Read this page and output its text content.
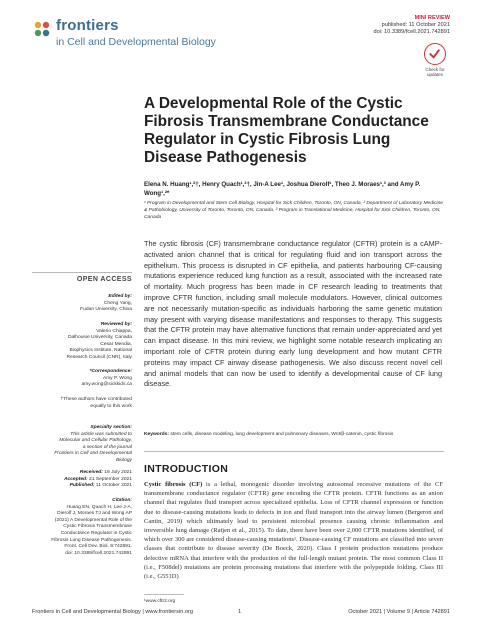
frontiers
in Cell and Developmental Biology
MINI REVIEW
published: 11 October 2021
doi: 10.3389/fcell.2021.742891
Check for updates
A Developmental Role of the Cystic Fibrosis Transmembrane Conductance Regulator in Cystic Fibrosis Lung Disease Pathogenesis
Elena N. Huang¹,²†, Henry Quach¹,²†, Jin-A Lee¹, Joshua Dierolf¹, Theo J. Moraes¹,³ and Amy P. Wong¹,²*
¹ Program in Developmental and Stem Cell Biology, Hospital for Sick Children, Toronto, ON, Canada, ² Department of Laboratory Medicine & Pathobiology, University of Toronto, Toronto, ON, Canada, ³ Program in Translational Medicine, Hospital for Sick Children, Toronto, ON, Canada
The cystic fibrosis (CF) transmembrane conductance regulator (CFTR) protein is a cAMP-activated anion channel that is critical for regulating fluid and ion transport across the epithelium. This process is disrupted in CF epithelia, and patients harbouring CF-causing mutations experience reduced lung function as a result, associated with the increased rate of mortality. Much progress has been made in CF research leading to treatments that improve CFTR function, including small molecule modulators. However, clinical outcomes are not necessarily mutation-specific as individuals harboring the same genetic mutation may present with varying disease manifestations and responses to therapy. This suggests that the CFTR protein may have alternative functions that remain under-appreciated and yet can impact disease. In this mini review, we highlight some notable research implicating an important role of CFTR protein during early lung development and how mutant CFTR proteins may impact CF airway disease pathogenesis. We also discuss recent novel cell and animal models that can now be used to identify a developmental cause of CF lung disease.
Keywords: stem cells, disease modeling, lung development and pulmonary diseases, Wnt/β-catenin, cystic fibrosis
INTRODUCTION
Cystic fibrosis (CF) is a lethal, monogenic disorder involving autosomal recessive mutations of the CF transmembrane conductance regulator (CFTR) gene encoding the CFTR protein. CFTR functions as an anion channel that regulates fluid transport across specialized epithelia. Loss of CFTR channel expression or function due to disease-causing mutations leads to defects in ion and fluid transport into the airway lumen (Bergeron and Cantin, 2019) which ultimately lead to persistent microbial presence causing chronic inflammation and irreversible lung damage (Ratjen et al., 2015). To date, there have been over 2,000 CFTR mutations identified, of which over 300 are considered disease-causing mutations¹. Disease-causing CF mutations are classified into seven classes that contribute to disease severity (De Boeck, 2020). Class I protein production mutations produce defective mRNA that interfere with the production of the full-length mutant protein. The most common Class II (i.e., F508del) mutations are protein processing mutations that interfere with the polypeptide folding. Class III (i.e., G551D)
¹www.cftr2.org
OPEN ACCESS
Edited by:
Cheng Yang,
Fudan University, China
Reviewed by:
Valerio Chiappa,
Dalhousie University, Canada
Cesar Mendia,
Biophysics Institute, National
Research Council (CNR), Italy
*Correspondence:
Amy P. Wong
amy.wong@sickkids.ca
†These authors have contributed
equally to this work
Specialty section:
This article was submitted to
Molecular and Cellular Pathology,
a section of the journal
Frontiers in Cell and Developmental
Biology
Received: 19 July 2021
Accepted: 21 September 2021
Published: 11 October 2021
Citation:
Huang EN, Quach H, Lee J-A,
Dierolf J, Moraes TJ and Wong AP
(2021) A Developmental Role of the
Cystic Fibrosis Transmembrane
Conductance Regulator in Cystic
Fibrosis Lung Disease Pathogenesis.
Front. Cell Dev. Biol. 9:742891.
doi: 10.3389/fcell.2021.742891
Frontiers in Cell and Developmental Biology | www.frontiersin.org	1	October 2021 | Volume 9 | Article 742891
